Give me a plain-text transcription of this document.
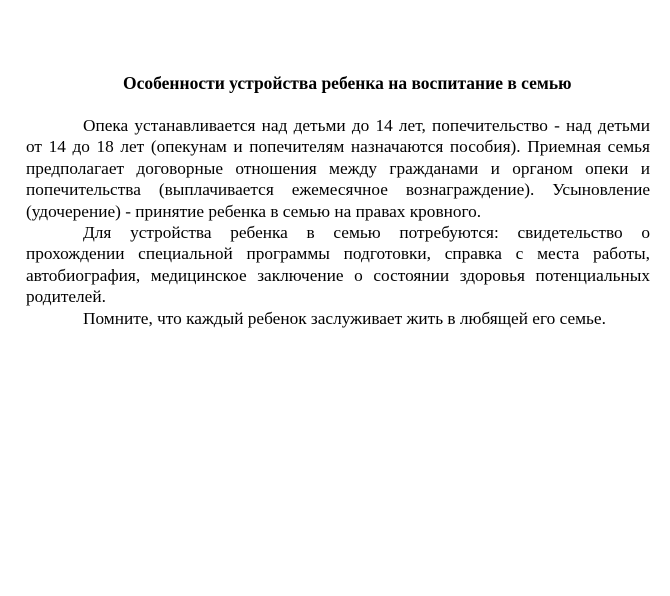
Особенности устройства ребенка на воспитание в семью

Опека устанавливается над детьми до 14 лет, попечительство - над детьми от 14 до 18 лет (опекунам и попечителям назначаются пособия). Приемная семья предполагает договорные отношения между гражданами и органом опеки и попечительства (выплачивается ежемесячное вознаграждение). Усыновление (удочерение) - принятие ребенка в семью на правах кровного.

Для устройства ребенка в семью потребуются: свидетельство о прохождении специальной программы подготовки, справка с места работы, автобиография, медицинское заключение о состоянии здоровья потенциальных родителей.

Помните, что каждый ребенок заслуживает жить в любящей его семье.
